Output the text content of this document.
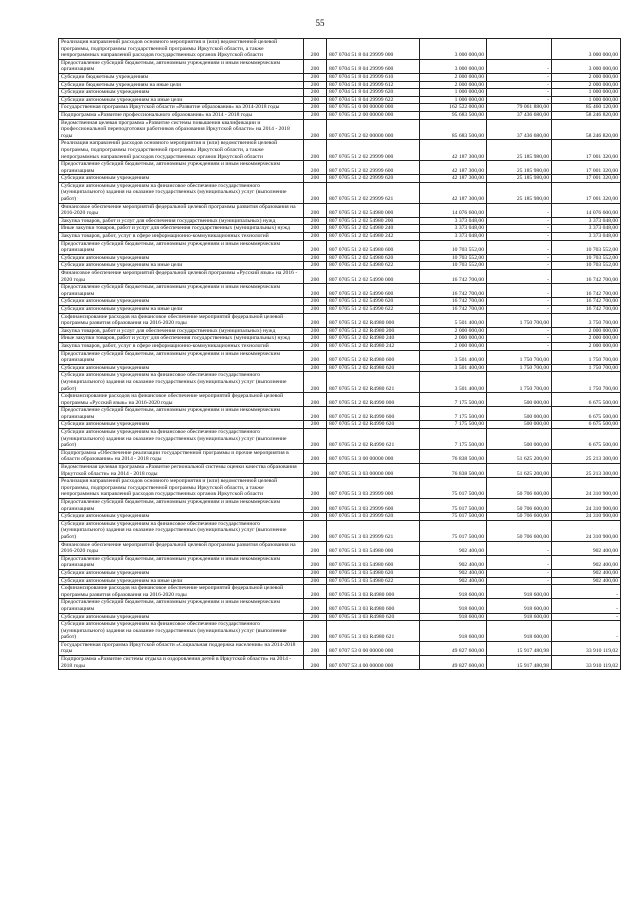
55
Реализация направлений расходов основного мероприятия и (или) ведомственной целевой программы, подпрограммы государственной программы Иркутской области, а также непрограммных направлений расходов государственных органов Иркутской области	200	807 0704 51 8 04 29999 000	3 000 000,00		3 000 000,00
Предоставление субсидий бюджетным, автономным учреждениям и иным некоммерческим организациям	200	807 0704 51 8 04 29999 600	3 000 000,00	-	3 000 000,00
Субсидии бюджетным учреждениям	200	807 0704 51 8 04 29999 610	2 000 000,00	-	2 000 000,00
Субсидии бюджетным учреждениям на иные цели	200	807 0704 51 8 04 29999 612	2 000 000,00	-	2 000 000,00
Субсидии автономным учреждениям	200	807 0704 51 8 04 29999 620	1 000 000,00	-	1 000 000,00
Субсидии автономным учреждениям на иные цели	200	807 0704 51 8 04 29999 622	1 000 000,00	-	1 000 000,00
Государственная программа Иркутской области «Развитие образования» на 2014-2018 годы	200	807 0705 51 0 00 00000 000	162 522 000,00	79 061 880,00	85 460 120,00
Подпрограмма «Развитие профессионального образования» на 2014 - 2018 годы	200	807 0705 51 2 00 00000 000	95 683 500,00	37 436 680,00	58 246 820,00
Ведомственная целевая программа «Развитие системы повышения квалификации и профессиональной переподготовки работников образования Иркутской области» на 2014 - 2018 годы	200	807 0705 51 2 02 00000 000	85 683 500,00	37 436 680,00	58 246 820,00
Реализация направлений расходов основного мероприятия и (или) ведомственной целевой программы, подпрограммы государственной программы Иркутской области, а также непрограммных направлений расходов государственных органов Иркутской области	200	807 0705 51 2 02 29999 000	42 187 300,00	25 185 980,00	17 001 320,00
Предоставление субсидий бюджетным, автономным учреждениям и иным некоммерческим организациям	200	807 0705 51 2 02 29999 600	42 187 300,00	25 185 980,00	17 001 320,00
Субсидии автономным учреждениям	200	807 0705 51 2 02 29999 620	42 187 300,00	25 185 980,00	17 001 320,00
Субсидии автономным учреждениям на финансовое обеспечение государственного (муниципального) задания на оказание государственных (муниципальных) услуг (выполнение работ)	200	807 0705 51 2 02 29999 621	42 187 300,00	25 185 980,00	17 001 320,00
Финансовое обеспечение мероприятий федеральной целевой программы развития образования на 2016-2020 годы	200	807 0705 51 2 02 54980 000	14 076 600,00	-	14 076 600,00
Закупка товаров, работ и услуг для обеспечения государственных (муниципальных) нужд	200	807 0705 51 2 02 54980 200	3 373 048,00	-	3 373 048,00
Иные закупки товаров, работ и услуг для обеспечения государственных (муниципальных) нужд	200	807 0705 51 2 02 54980 240	3 373 048,00	-	3 373 048,00
Закупка товаров, работ, услуг в сфере информационно-коммуникационных технологий	200	807 0705 51 2 02 54980 242	3 373 048,00	-	3 373 048,00
Предоставление субсидий бюджетным, автономным учреждениям и иным некоммерческим организациям	200	807 0705 51 2 02 54980 600	10 703 552,00	-	10 703 552,00
Субсидии автономным учреждениям	200	807 0705 51 2 02 54980 620	10 703 552,00	-	10 703 552,00
Субсидии автономным учреждениям на иные цели	200	807 0705 51 2 02 54980 622	10 703 552,00	-	10 703 552,00
Финансовое обеспечение мероприятий федеральной целевой программы «Русский язык» на 2016 - 2020 годы	200	807 0705 51 2 02 54990 000	16 742 700,00	-	16 742 700,00
Предоставление субсидий бюджетным, автономным учреждениям и иным некоммерческим организациям	200	807 0705 51 2 02 54990 600	16 742 700,00	-	16 742 700,00
Субсидии автономным учреждениям	200	807 0705 51 2 02 54990 620	16 742 700,00	-	16 742 700,00
Субсидии автономным учреждениям на иные цели	200	807 0705 51 2 02 54990 622	16 742 700,00	-	16 742 700,00
Софинансирование расходов на финансовое обеспечение мероприятий федеральной целевой программы развития образования на 2016-2020 годы	200	807 0705 51 2 02 R4980 000	5 501 400,00	1 750 700,00	3 750 700,00
Закупка товаров, работ и услуг для обеспечения государственных (муниципальных) нужд	200	807 0705 51 2 02 R4980 200	2 000 000,00	-	2 000 000,00
Иные закупки товаров, работ и услуг для обеспечения государственных (муниципальных) нужд	200	807 0705 51 2 02 R4980 240	2 000 000,00	-	2 000 000,00
Закупка товаров, работ, услуг в сфере информационно-коммуникационных технологий	200	807 0705 51 2 02 R4980 242	2 000 000,00	-	2 000 000,00
Предоставление субсидий бюджетным, автономным учреждениям и иным некоммерческим организациям	200	807 0705 51 2 02 R4980 600	3 501 400,00	1 750 700,00	1 750 700,00
Субсидии автономным учреждениям	200	807 0705 51 2 02 R4980 620	3 501 400,00	1 750 700,00	1 750 700,00
Субсидии автономным учреждениям на финансовое обеспечение государственного (муниципального) задания на оказание государственных (муниципальных) услуг (выполнение работ)	200	807 0705 51 2 02 R4980 621	3 501 400,00	1 750 700,00	1 750 700,00
Софинансирование расходов на финансовое обеспечение мероприятий федеральной целевой программы «Русский язык» на 2016-2020 годы	200	807 0705 51 2 02 R4990 000	7 175 500,00	500 000,00	6 675 500,00
Предоставление субсидий бюджетным, автономным учреждениям и иным некоммерческим организациям	200	807 0705 51 2 02 R4990 600	7 175 500,00	500 000,00	6 675 500,00
Субсидии автономным учреждениям	200	807 0705 51 2 02 R4990 620	7 175 500,00	500 000,00	6 675 500,00
Субсидии автономным учреждениям на финансовое обеспечение государственного (муниципального) задания на оказание государственных (муниципальных) услуг (выполнение работ)	200	807 0705 51 2 02 R4990 621	7 175 500,00	500 000,00	6 675 500,00
Подпрограмма «Обеспечение реализации государственной программы и прочие мероприятия в области образования» на 2014 - 2018 годы	200	807 0705 51 3 00 00000 000	76 838 500,00	51 625 200,00	25 213 300,00
Ведомственная целевая программа «Развитие региональной системы оценки качества образования Иркутской области» на 2014 - 2018 годы	200	807 0705 51 3 03 00000 000	76 838 500,00	51 625 200,00	25 213 300,00
Реализация направлений расходов основного мероприятия и (или) ведомственной целевой программы, подпрограммы государственной программы Иркутской области, а также непрограммных направлений расходов государственных органов Иркутской области	200	807 0705 51 3 03 29999 000	75 017 500,00	50 706 600,00	24 310 900,00
Предоставление субсидий бюджетным, автономным учреждениям и иным некоммерческим организациям	200	807 0705 51 3 03 29999 600	75 017 500,00	50 706 600,00	24 310 900,00
Субсидии автономным учреждениям	200	807 0705 51 3 03 29999 620	75 017 500,00	50 706 600,00	24 310 900,00
Субсидии автономным учреждениям на финансовое обеспечение государственного (муниципального) задания на оказание государственных (муниципальных) услуг (выполнение работ)	200	807 0705 51 3 03 29999 621	75 017 500,00	50 706 600,00	24 310 900,00
Финансовое обеспечение мероприятий федеральной целевой программы развития образования на 2016-2020 годы	200	807 0705 51 3 03 54980 000	902 400,00	-	902 400,00
Предоставление субсидий бюджетным, автономным учреждениям и иным некоммерческим организациям	200	807 0705 51 3 03 54980 600	902 400,00	-	902 400,00
Субсидии автономным учреждениям	200	807 0705 51 3 03 54980 620	902 400,00	-	902 400,00
Субсидии автономным учреждениям на иные цели	200	807 0705 51 3 03 54980 622	902 400,00	-	902 400,00
Софинансирование расходов на финансовое обеспечение мероприятий федеральной целевой программы развития образования на 2016-2020 годы	200	807 0705 51 3 03 R4980 000	918 600,00	918 600,00	-
Предоставление субсидий бюджетным, автономным учреждениям и иным некоммерческим организациям	200	807 0705 51 3 03 R4980 600	918 600,00	918 600,00	-
Субсидии автономным учреждениям	200	807 0705 51 3 03 R4980 620	918 600,00	918 600,00	-
Субсидии автономным учреждениям на финансовое обеспечение государственного (муниципального) задания на оказание государственных (муниципальных) услуг (выполнение работ)	200	807 0705 51 3 03 R4980 621	918 600,00	918 600,00	-
Государственная программа Иркутской области «Социальная поддержка населения» на 2014-2018 годы	200	807 0707 53 0 00 00000 000	49 827 600,00	15 917 480,98	33 910 119,02
Подпрограмма «Развитие системы отдыха и оздоровления детей в Иркутской области» на 2014 - 2018 годы	200	807 0707 53 4 00 00000 000	49 827 600,00	15 917 480,98	33 910 119,02
